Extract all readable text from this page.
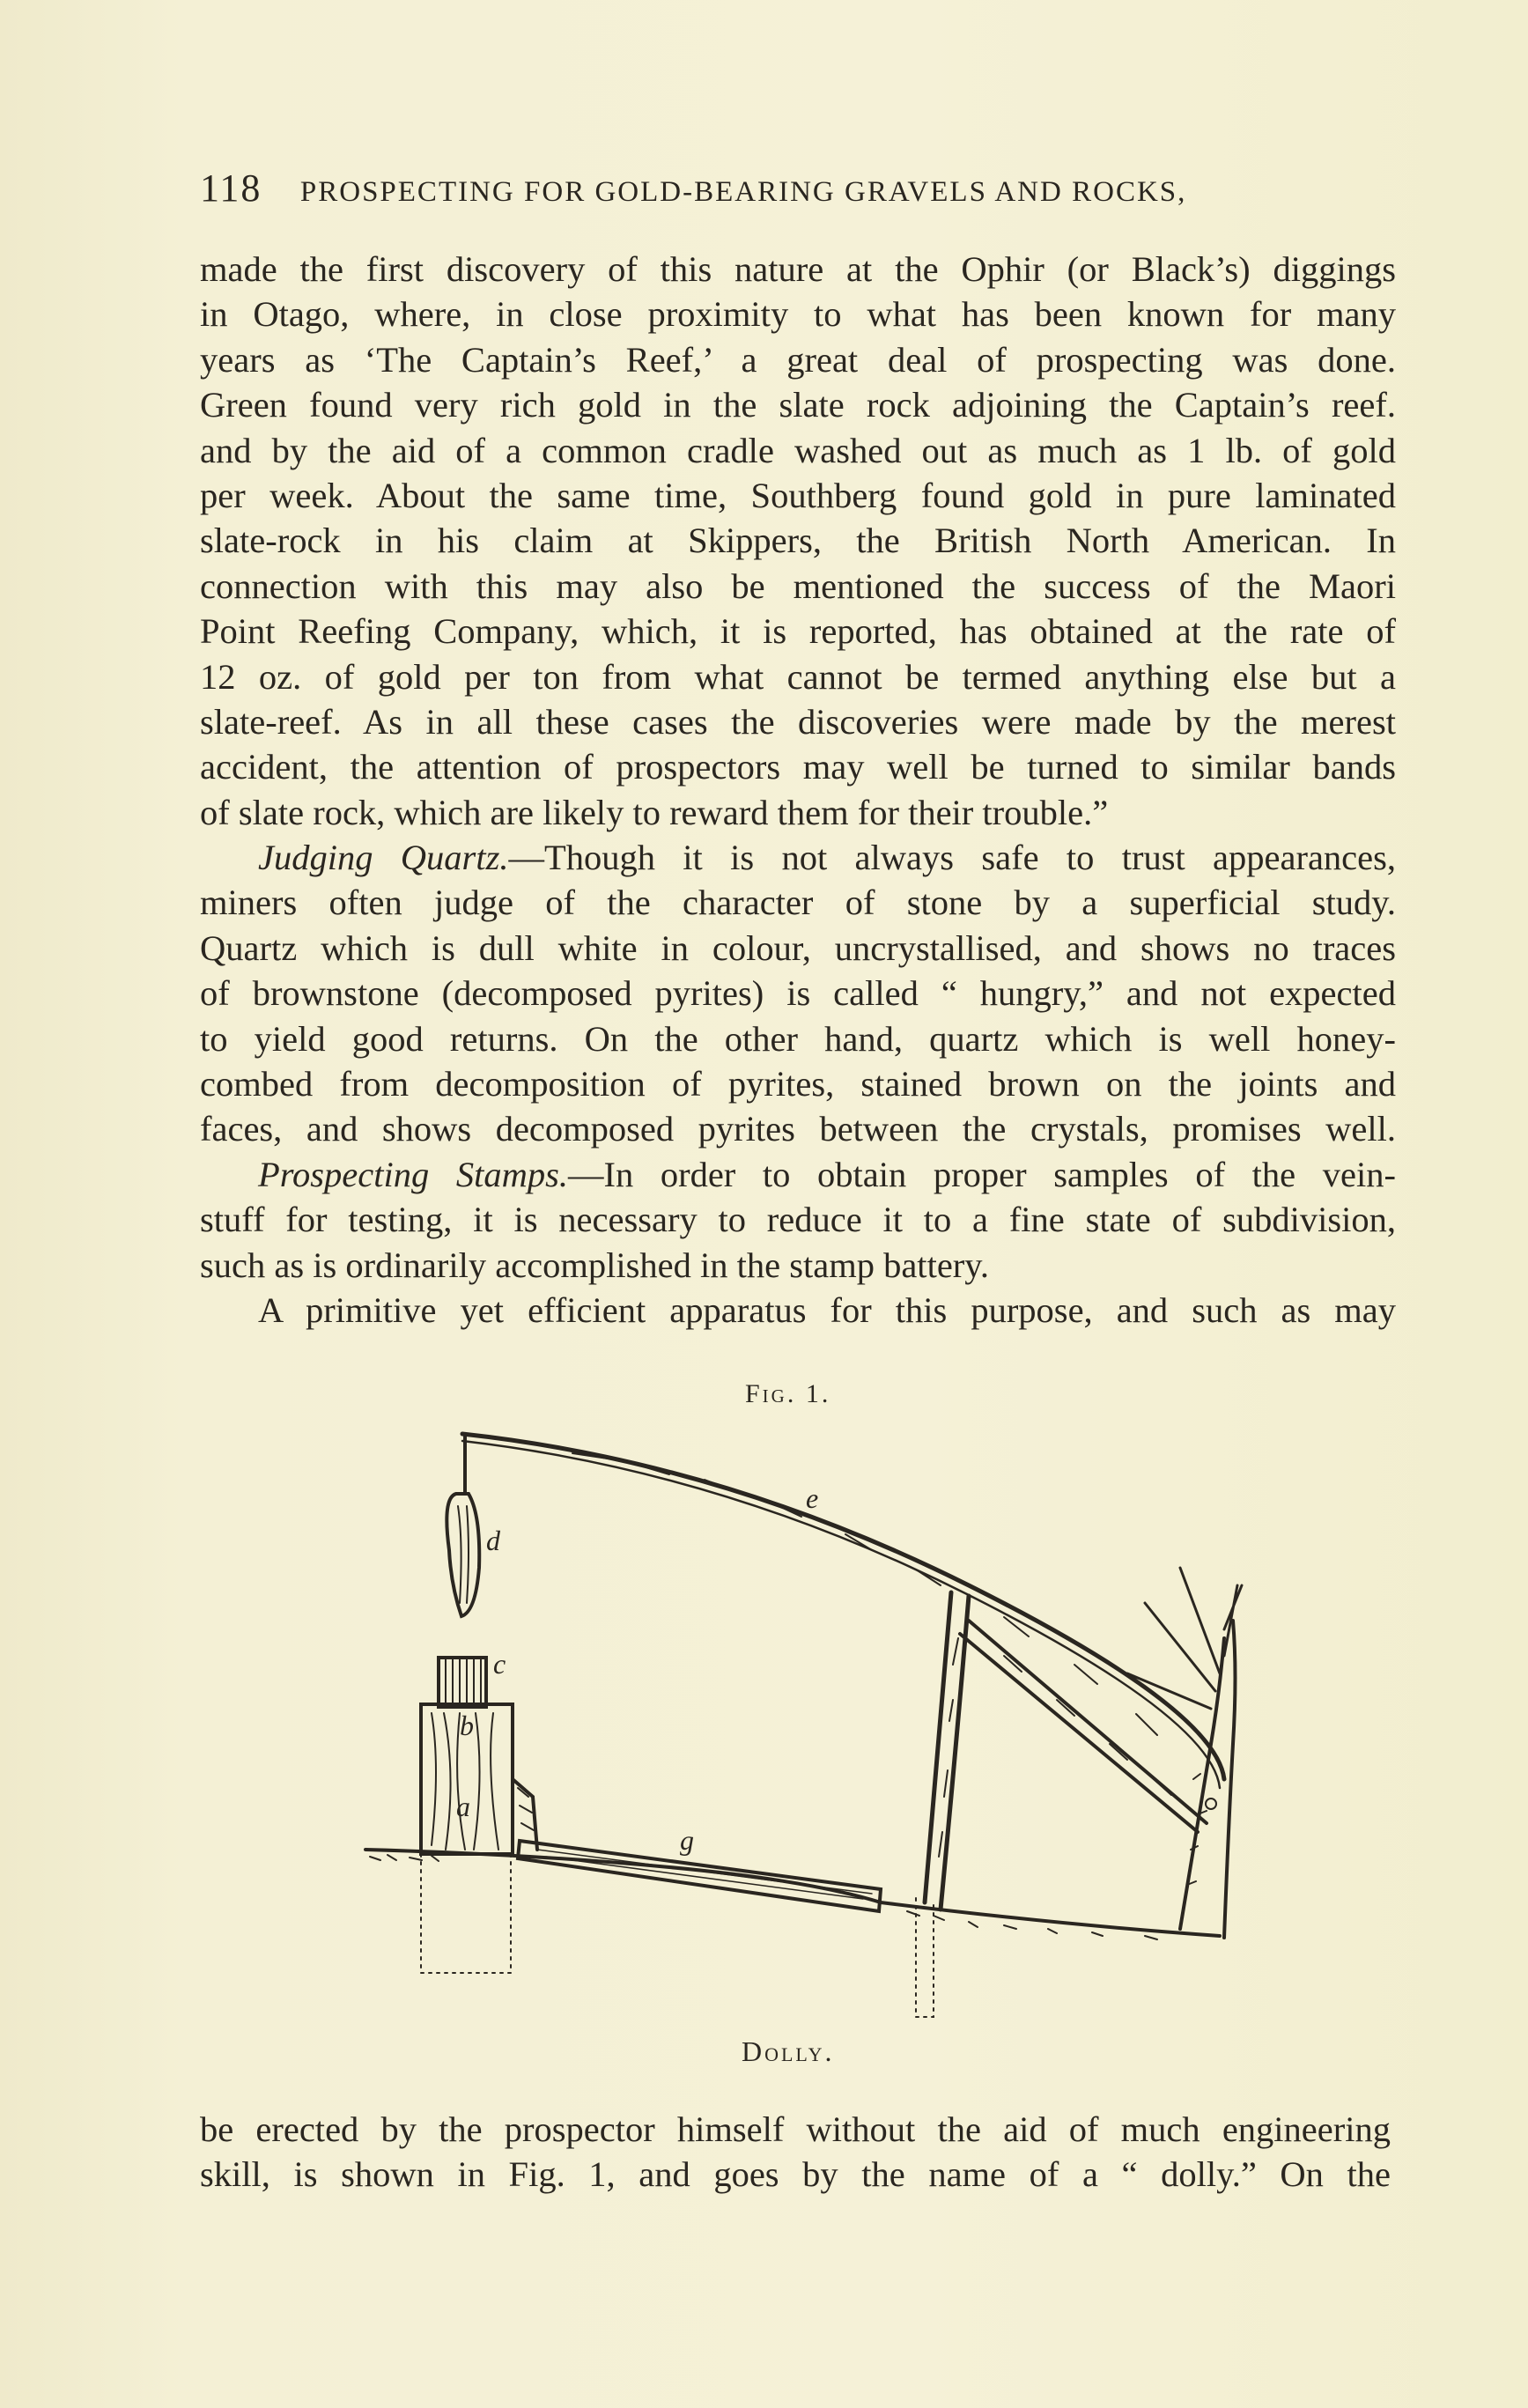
118 PROSPECTING FOR GOLD-BEARING GRAVELS AND ROCKS,
made the first discovery of this nature at the Ophir (or Black’s) diggings
in Otago, where, in close proximity to what has been known for many
years as ‘The Captain’s Reef,’ a great deal of prospecting was done.
Green found very rich gold in the slate rock adjoining the Captain’s reef.
and by the aid of a common cradle washed out as much as 1 lb. of gold
per week. About the same time, Southberg found gold in pure laminated
slate-rock in his claim at Skippers, the British North American. In
connection with this may also be mentioned the success of the Maori
Point Reefing Company, which, it is reported, has obtained at the rate of
12 oz. of gold per ton from what cannot be termed anything else but a
slate-reef. As in all these cases the discoveries were made by the merest
accident, the attention of prospectors may well be turned to similar bands
of slate rock, which are likely to reward them for their trouble.”
Judging Quartz.—Though it is not always safe to trust appearances,
miners often judge of the character of stone by a superficial study.
Quartz which is dull white in colour, uncrystallised, and shows no traces
of brownstone (decomposed pyrites) is called “ hungry,” and not expected
to yield good returns. On the other hand, quartz which is well honey-
combed from decomposition of pyrites, stained brown on the joints and
faces, and shows decomposed pyrites between the crystals, promises well.
Prospecting Stamps.—In order to obtain proper samples of the vein-
stuff for testing, it is necessary to reduce it to a fine state of subdivision,
such as is ordinarily accomplished in the stamp battery.
A primitive yet efficient apparatus for this purpose, and such as may
Fig. 1.
d
e
c
b
a
g
Dolly.
be erected by the prospector himself without the aid of much engineering
skill, is shown in Fig. 1, and goes by the name of a “ dolly.” On the
